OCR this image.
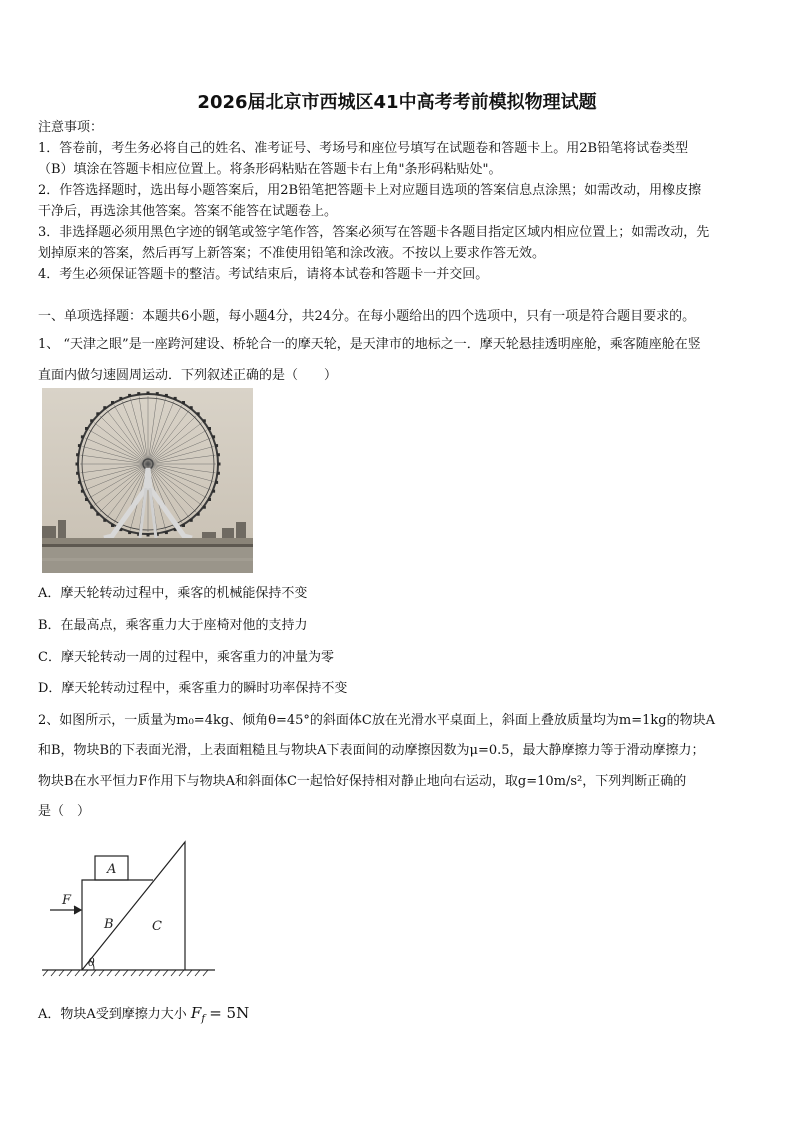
2026届北京市西城区41中高考考前模拟物理试题
注意事项：
1．答卷前，考生务必将自己的姓名、准考证号、考场号和座位号填写在试题卷和答题卡上。用2B铅笔将试卷类型
（B）填涂在答题卡相应位置上。将条形码粘贴在答题卡右上角"条形码粘贴处"。
2．作答选择题时，选出每小题答案后，用2B铅笔把答题卡上对应题目选项的答案信息点涂黑；如需改动，用橡皮擦
干净后，再选涂其他答案。答案不能答在试题卷上。
3．非选择题必须用黑色字迹的钢笔或签字笔作答，答案必须写在答题卡各题目指定区域内相应位置上；如需改动，先
划掉原来的答案，然后再写上新答案；不准使用铅笔和涂改液。不按以上要求作答无效。
4．考生必须保证答题卡的整洁。考试结束后，请将本试卷和答题卡一并交回。
一、单项选择题：本题共6小题，每小题4分，共24分。在每小题给出的四个选项中，只有一项是符合题目要求的。
1、 “天津之眼”是一座跨河建设、桥轮合一的摩天轮，是天津市的地标之一．摩天轮悬挂透明座舱，乘客随座舱在竖
直面内做匀速圆周运动．下列叙述正确的是（　　）
A．摩天轮转动过程中，乘客的机械能保持不变
B．在最高点，乘客重力大于座椅对他的支持力
C．摩天轮转动一周的过程中，乘客重力的冲量为零
D．摩天轮转动过程中，乘客重力的瞬时功率保持不变
2、如图所示，一质量为m₀=4kg、倾角θ=45°的斜面体C放在光滑水平桌面上，斜面上叠放质量均为m=1kg的物块A
和B，物块B的下表面光滑，上表面粗糙且与物块A下表面间的动摩擦因数为μ=0.5，最大静摩擦力等于滑动摩擦力；
物块B在水平恒力F作用下与物块A和斜面体C一起恰好保持相对静止地向右运动，取g=10m/s²，下列判断正确的
是（　）
A
B	C
F
θ
A．物块A受到摩擦力大小 $F_f = 5N$
